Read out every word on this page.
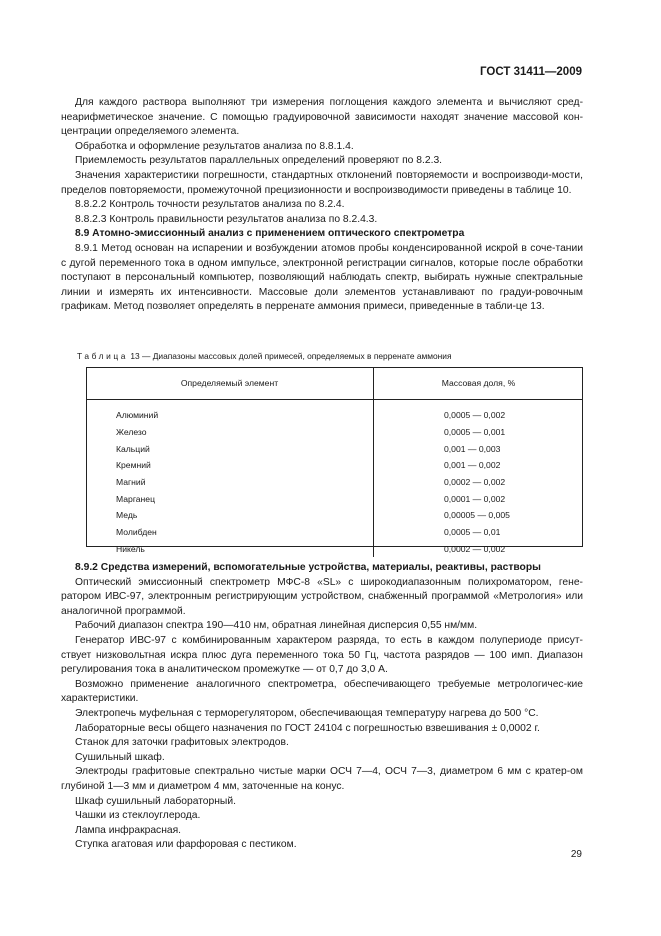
ГОСТ 31411—2009

Для каждого раствора выполняют три измерения поглощения каждого элемента и вычисляют сред-неарифметическое значение. С помощью градуировочной зависимости находят значение массовой кон-центрации определяемого элемента.

Обработка и оформление результатов анализа по 8.8.1.4.

Приемлемость результатов параллельных определений проверяют по 8.2.3.

Значения характеристики погрешности, стандартных отклонений повторяемости и воспроизводи-мости, пределов повторяемости, промежуточной прецизионности и воспроизводимости приведены в таблице 10.

8.8.2.2 Контроль точности результатов анализа по 8.2.4.

8.8.2.3 Контроль правильности результатов анализа по 8.2.4.3.

8.9 Атомно-эмиссионный анализ с применением оптического спектрометра

8.9.1 Метод основан на испарении и возбуждении атомов пробы конденсированной искрой в соче-тании с дугой переменного тока в одном импульсе, электронной регистрации сигналов, которые после обработки поступают в персональный компьютер, позволяющий наблюдать спектр, выбирать нужные спектральные линии и измерять их интенсивности. Массовые доли элементов устанавливают по градуи-ровочным графикам. Метод позволяет определять в перренате аммония примеси, приведенные в табли-це 13.

Таблица 13 — Диапазоны массовых долей примесей, определяемых в перренате аммония
Определяемый элемент	Массовая доля, %

Алюминий	0,0005 — 0,002
Железо	0,0005 — 0,001
Кальций	0,001 — 0,003
Кремний	0,001 — 0,002
Магний	0,0002 — 0,002
Марганец	0,0001 — 0,002
Медь	0,00005 — 0,005
Молибден	0,0005 — 0,01
Никель	0,0002 — 0,002

8.9.2 Средства измерений, вспомогательные устройства, материалы, реактивы, растворы

Оптический эмиссионный спектрометр МФС-8 «SL» с широкодиапазонным полихроматором, гене-ратором ИВС-97, электронным регистрирующим устройством, снабженный программой «Метрология» или аналогичной программой.

Рабочий диапазон спектра 190—410 нм, обратная линейная дисперсия 0,55 нм/мм.

Генератор ИВС-97 с комбинированным характером разряда, то есть в каждом полупериоде присут-ствует низковольтная искра плюс дуга переменного тока 50 Гц, частота разрядов — 100 имп. Диапазон регулирования тока в аналитическом промежутке — от 0,7 до 3,0 А.

Возможно применение аналогичного спектрометра, обеспечивающего требуемые метрологичес-кие характеристики.

Электропечь муфельная с терморегулятором, обеспечивающая температуру нагрева до 500 °С.

Лабораторные весы общего назначения по ГОСТ 24104 с погрешностью взвешивания ± 0,0002 г.

Станок для заточки графитовых электродов.

Сушильный шкаф.

Электроды графитовые спектрально чистые марки ОСЧ 7—4, ОСЧ 7—3, диаметром 6 мм с кратер-ом глубиной 1—3 мм и диаметром 4 мм, заточенные на конус.

Шкаф сушильный лабораторный.

Чашки из стеклоуглерода.

Лампа инфракрасная.

Ступка агатовая или фарфоровая с пестиком.

29
